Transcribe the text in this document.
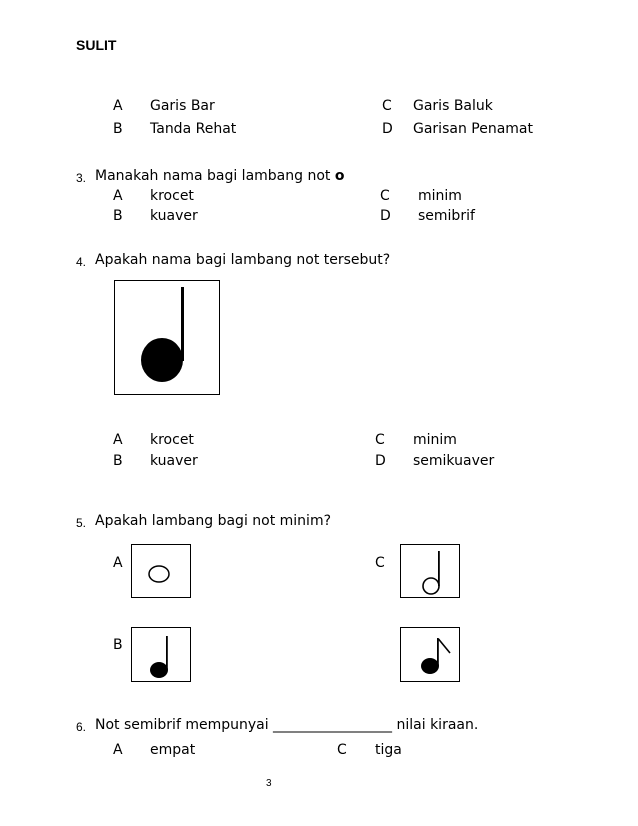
SULIT
A Garis Bar
B Tanda Rehat
C Garis Baluk
D Garisan Penamat
3. Manakah nama bagi lambang not o
A krocet
B kuaver
C minim
D semibrif
4. Apakah nama bagi lambang not tersebut?
A krocet
B kuaver
C minim
D semikuaver
5. Apakah lambang bagi not minim?
A	C
B
6. Not semibrif mempunyai _________________ nilai kiraan.
A empat	C tiga
3
